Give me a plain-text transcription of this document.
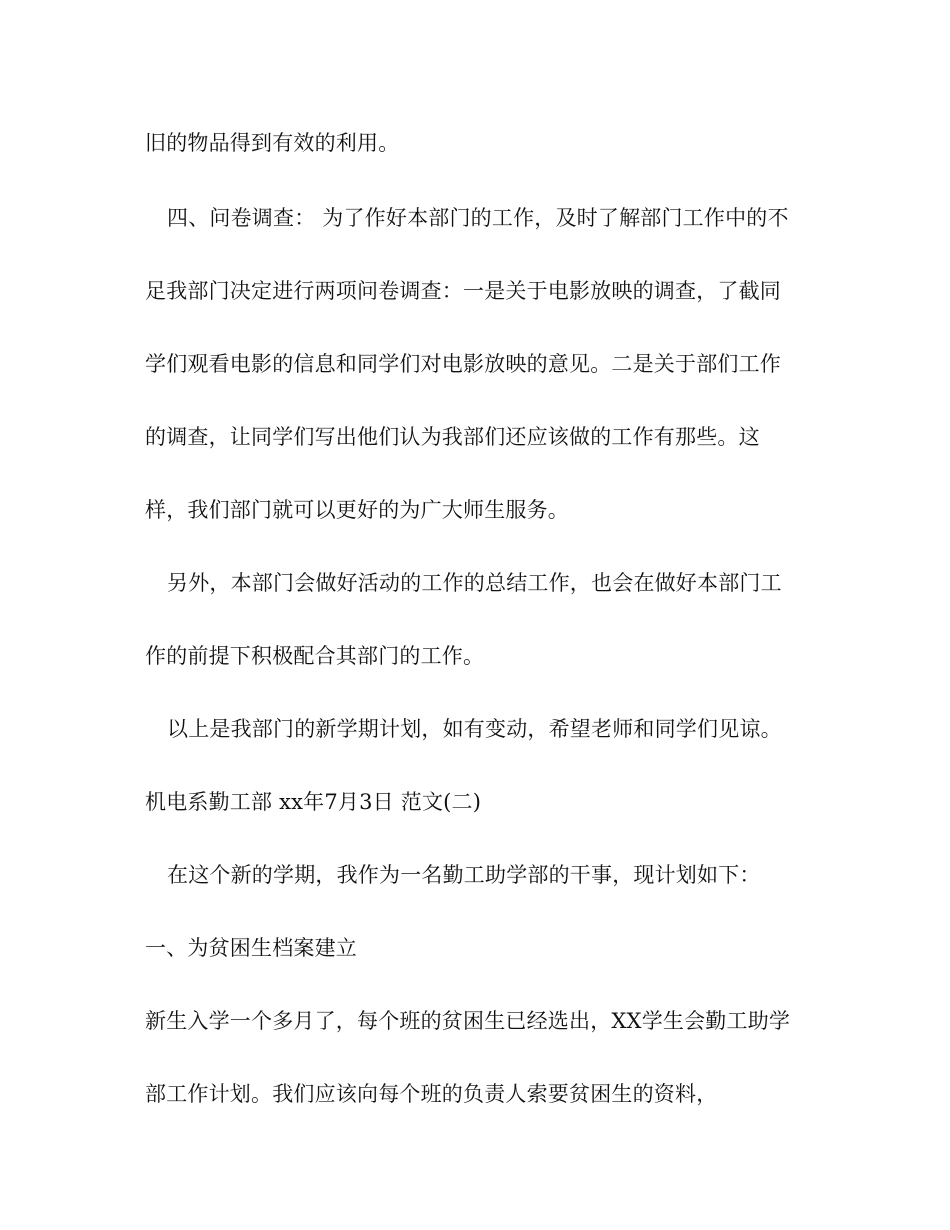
旧的物品得到有效的利用。
四、问卷调查： 为了作好本部门的工作，及时了解部门工作中的不
足我部门决定进行两项问卷调查：一是关于电影放映的调查，了截同
学们观看电影的信息和同学们对电影放映的意见。二是关于部们工作
的调查，让同学们写出他们认为我部们还应该做的工作有那些。这
样，我们部门就可以更好的为广大师生服务。
另外，本部门会做好活动的工作的总结工作，也会在做好本部门工
作的前提下积极配合其部门的工作。
以上是我部门的新学期计划，如有变动，希望老师和同学们见谅。
机电系勤工部 xx年7月3日 范文(二)
在这个新的学期，我作为一名勤工助学部的干事，现计划如下：
一、为贫困生档案建立
新生入学一个多月了，每个班的贫困生已经选出，XX学生会勤工助学
部工作计划。我们应该向每个班的负责人索要贫困生的资料，
